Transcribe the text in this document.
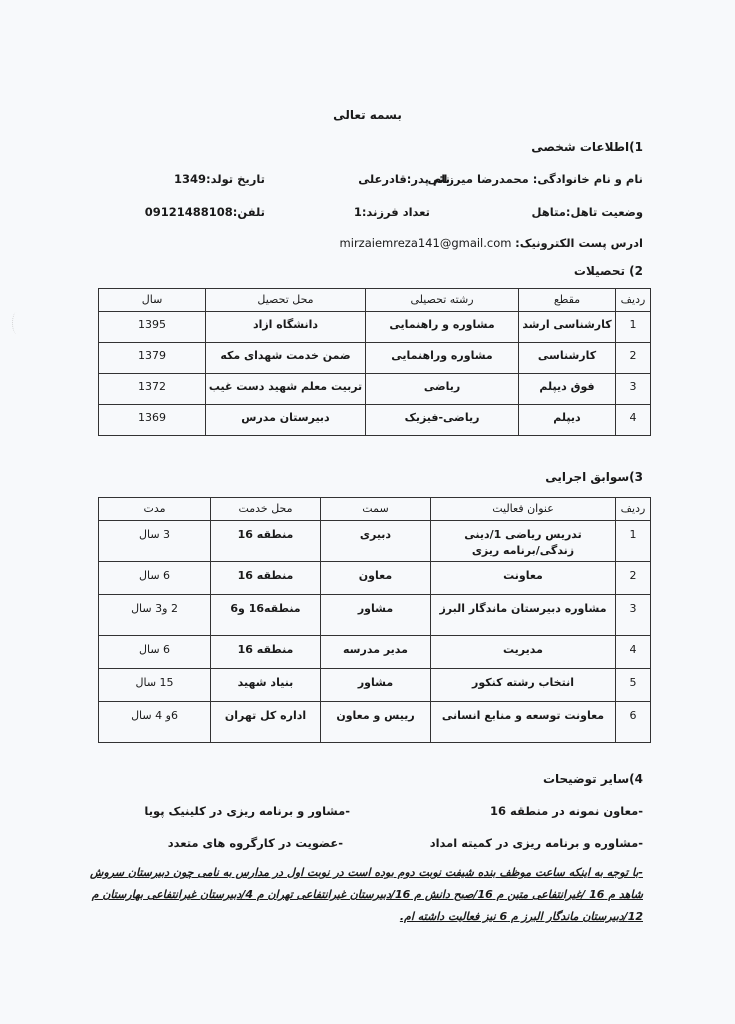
بسمه تعالی
1)اطلاعات شخصی
نام و نام خانوادگی: محمدرضا میرزائی
نام پدر:قادرعلی
تاریخ تولد:1349
وضعیت تاهل:متاهل
تعداد فرزند:1
تلفن:09121488108
ادرس پست الکترونیک: mirzaiemreza141@gmail.com
2) تحصیلات
ردیف	مقطع	رشته تحصیلی	محل تحصیل	سال
1	کارشناسی ارشد	مشاوره و راهنمایی	دانشگاه ازاد	1395
2	کارشناسی	مشاوره وراهنمایی	ضمن خدمت شهدای مکه	1379
3	فوق دیپلم	ریاضی	تربیت معلم شهید دست غیب	1372
4	دیپلم	ریاضی-فیزیک	دبیرستان مدرس	1369
3)سوابق اجرایی
ردیف	عنوان فعالیت	سمت	محل خدمت	مدت
1	تدریس ریاضی 1/دینی زندگی/برنامه ریزی	دبیری	منطقه 16	3 سال
2	معاونت	معاون	منطقه 16	6 سال
3	مشاوره دبیرستان ماندگار البرز	مشاور	منطقه16 و6	2 و3 سال
4	مدیریت	مدیر مدرسه	منطقه 16	6 سال
5	انتخاب رشته کنکور	مشاور	بنیاد شهید	15 سال
6	معاونت توسعه و منابع انسانی	رییس و معاون	اداره کل تهران	6و 4 سال
4)سایر توضیحات
-معاون نمونه در منطقه 16
-مشاور و برنامه ریزی در کلینیک پویا
-مشاوره و برنامه ریزی در کمیته امداد
-عضویت در کارگروه های متعدد
-با توجه به اینکه ساعت موظف بنده شیفت نوبت دوم بوده است در نوبت اول در مدارس به نامی چون دبیرستان سروش شاهد م 16 /غیرانتفاعی متین م 16/صبح دانش م 16/دبیرستان غیرانتفاعی تهران م 4/دبیرستان غیرانتفاعی بهارستان م 12/دبیرستان ماندگار البرز م 6 نیز فعالیت داشته ام.
